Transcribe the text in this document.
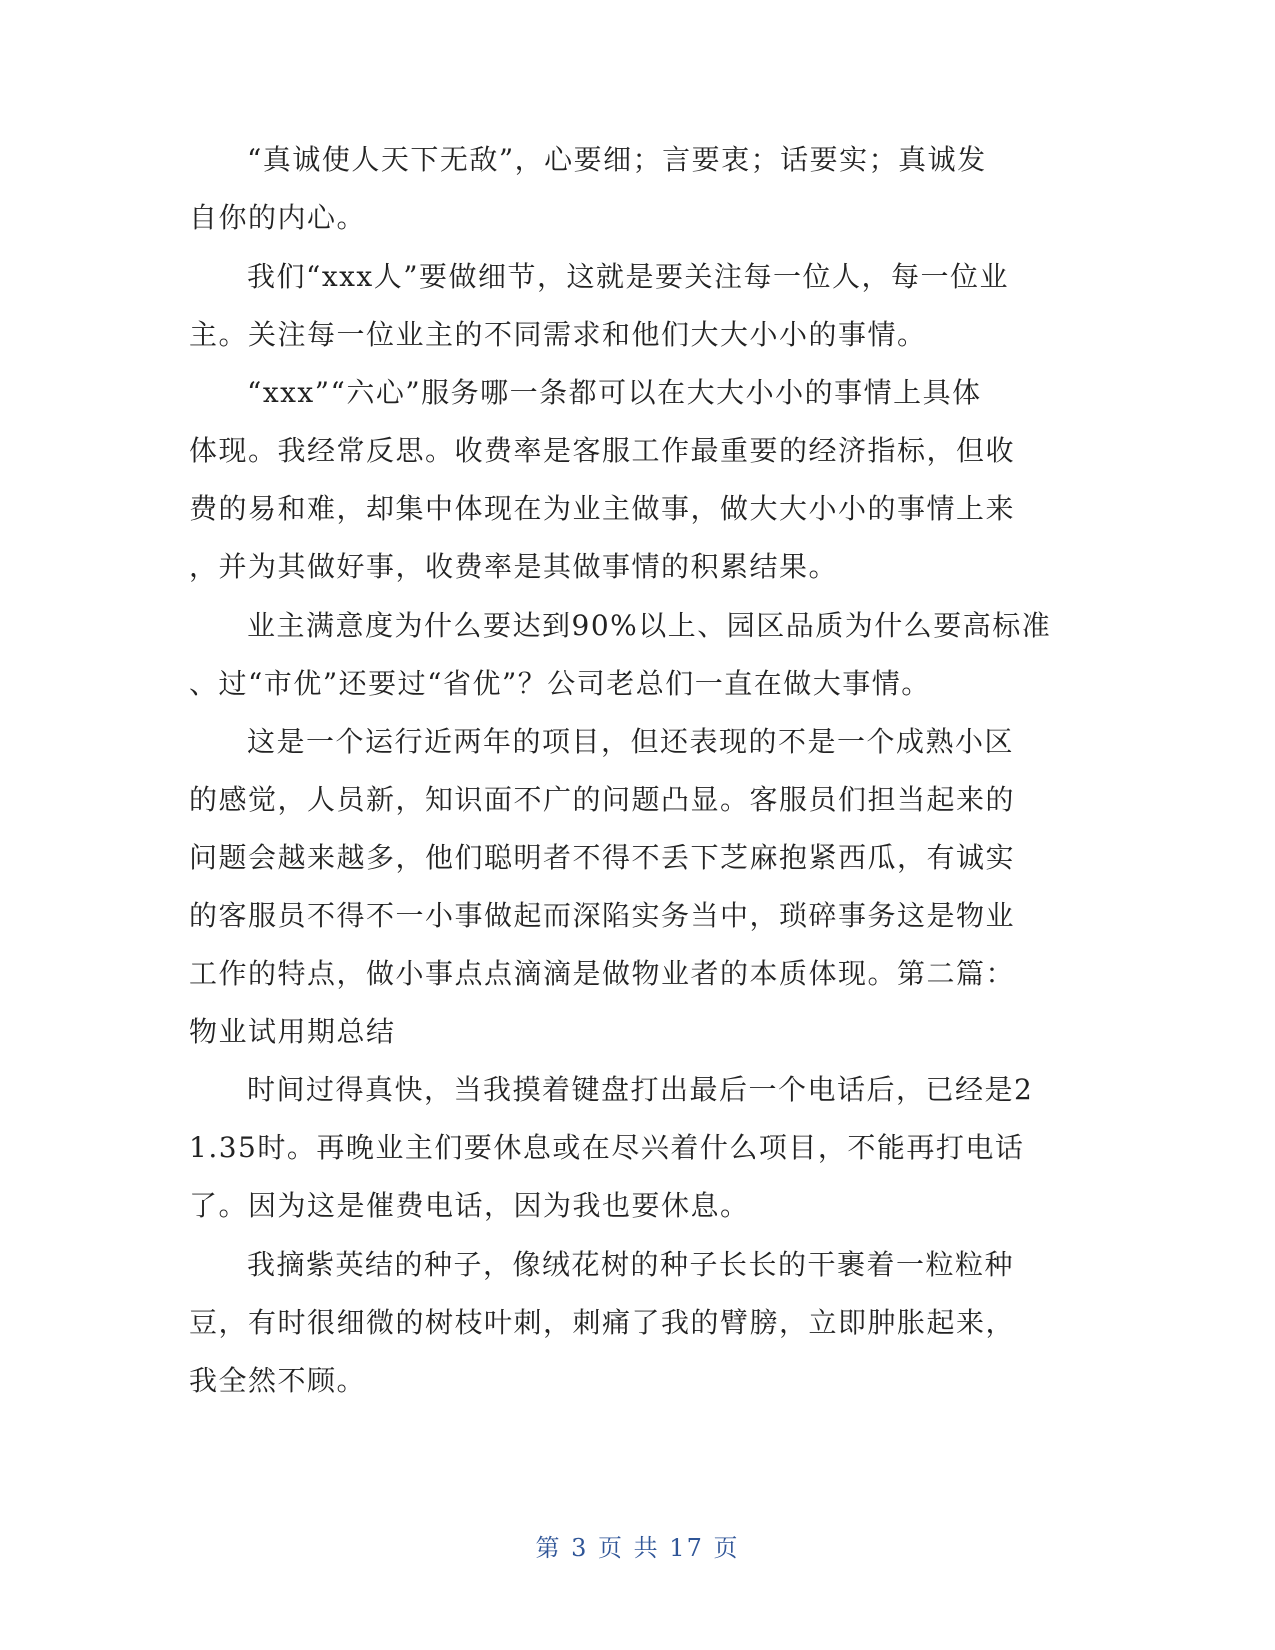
“真诚使人天下无敌”，心要细；言要衷；话要实；真诚发
自你的内心。
我们“xxx人”要做细节，这就是要关注每一位人，每一位业
主。关注每一位业主的不同需求和他们大大小小的事情。
“xxx”“六心”服务哪一条都可以在大大小小的事情上具体
体现。我经常反思。收费率是客服工作最重要的经济指标，但收
费的易和难，却集中体现在为业主做事，做大大小小的事情上来
，并为其做好事，收费率是其做事情的积累结果。
业主满意度为什么要达到90%以上、园区品质为什么要高标准
、过“市优”还要过“省优”？公司老总们一直在做大事情。
这是一个运行近两年的项目，但还表现的不是一个成熟小区
的感觉，人员新，知识面不广的问题凸显。客服员们担当起来的
问题会越来越多，他们聪明者不得不丢下芝麻抱紧西瓜，有诚实
的客服员不得不一小事做起而深陷实务当中，琐碎事务这是物业
工作的特点，做小事点点滴滴是做物业者的本质体现。第二篇：
物业试用期总结
时间过得真快，当我摸着键盘打出最后一个电话后，已经是2
1.35时。再晚业主们要休息或在尽兴着什么项目，不能再打电话
了。因为这是催费电话，因为我也要休息。
我摘紫英结的种子，像绒花树的种子长长的干裹着一粒粒种
豆，有时很细微的树枝叶刺，刺痛了我的臂膀，立即肿胀起来，
我全然不顾。
第 3 页 共 17 页
